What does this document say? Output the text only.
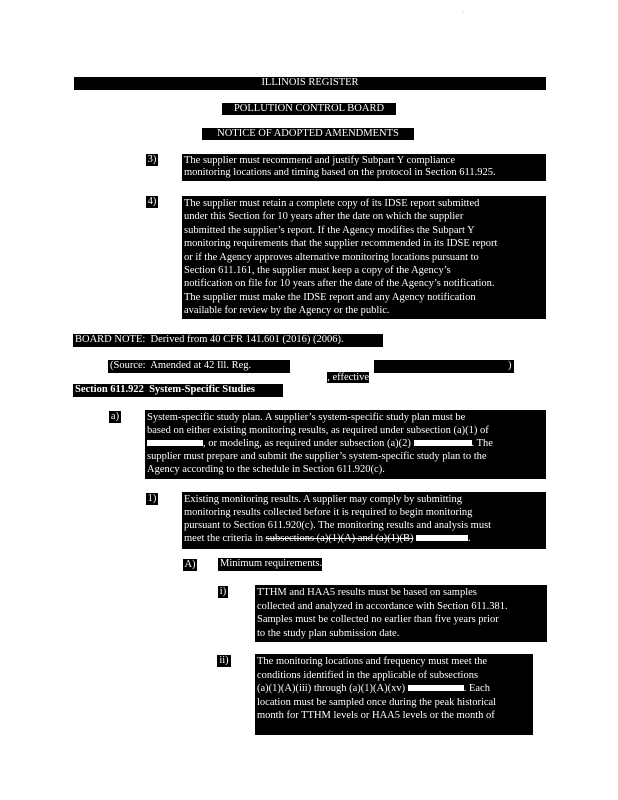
ILLINOIS REGISTER
POLLUTION CONTROL BOARD
NOTICE OF ADOPTED AMENDMENTS
3)	The supplier must recommend and justify Subpart Y compliance
monitoring locations and timing based on the protocol in Section 611.925.
4)	The supplier must retain a complete copy of its IDSE report submitted
under this Section for 10 years after the date on which the supplier
submitted the supplier’s report. If the Agency modifies the Subpart Y
monitoring requirements that the supplier recommended in its IDSE report
or if the Agency approves alternative monitoring locations pursuant to
Section 611.161, the supplier must keep a copy of the Agency’s
notification on file for 10 years after the date of the Agency’s notification.
The supplier must make the IDSE report and any Agency notification
available for review by the Agency or the public.
BOARD NOTE:  Derived from 40 CFR 141.601 (2016) (2006).
(Source:  Amended at 42 Ill. Reg.

, effective

)
Section 611.922  System-Specific Studies
a)	System-specific study plan. A supplier’s system-specific study plan must be
based on either existing monitoring results, as required under subsection (a)(1) of
, or modeling, as required under subsection (a)(2)	. The
supplier must prepare and submit the supplier’s system-specific study plan to the
Agency according to the schedule in Section 611.920(c).
1)	Existing monitoring results. A supplier may comply by submitting
monitoring results collected before it is required to begin monitoring
pursuant to Section 611.920(c). The monitoring results and analysis must
meet the criteria in subsections (a)(1)(A) and (a)(1)(B)	.
A) Minimum requirements.
i)	TTHM and HAA5 results must be based on samples
collected and analyzed in accordance with Section 611.381.
Samples must be collected no earlier than five years prior
to the study plan submission date.
ii)	The monitoring locations and frequency must meet the
conditions identified in the applicable of subsections
(a)(1)(A)(iii) through (a)(1)(A)(xv)	. Each
location must be sampled once during the peak historical
month for TTHM levels or HAA5 levels or the month of
